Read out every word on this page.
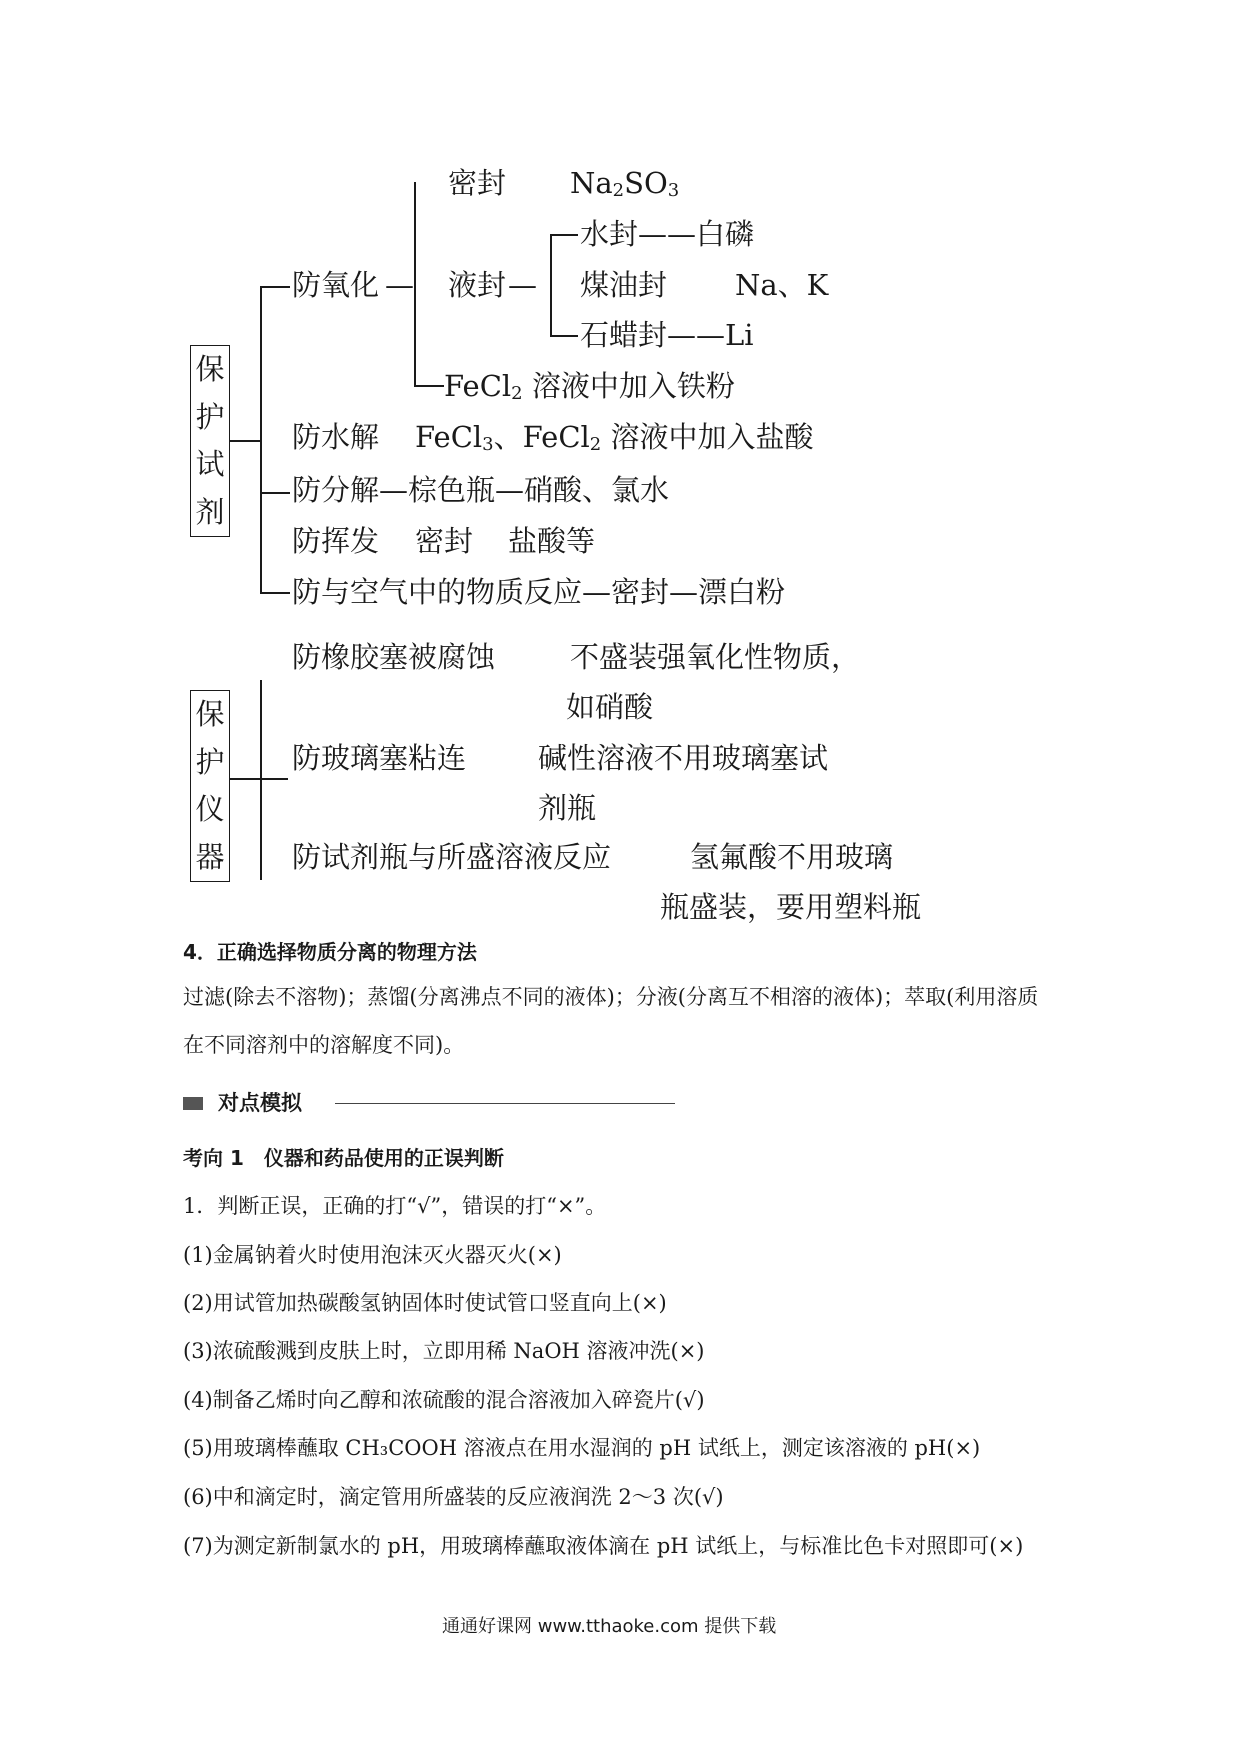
保
护
试
剂
防氧化 —
密封 Na2SO3
液封 —
水封——白磷
煤油封 Na、K
石蜡封——Li
FeCl2 溶液中加入铁粉
防水解 FeCl3、FeCl2 溶液中加入盐酸
防分解—棕色瓶—硝酸、氯水
防挥发 密封 盐酸等
防与空气中的物质反应—密封—漂白粉
保
护
仪
器
防橡胶塞被腐蚀	不盛装强氧化性物质，
如硝酸
防玻璃塞粘连 碱性溶液不用玻璃塞试
剂瓶
防试剂瓶与所盛溶液反应	氢氟酸不用玻璃
瓶盛装，要用塑料瓶
4．正确选择物质分离的物理方法
过滤(除去不溶物)；蒸馏(分离沸点不同的液体)；分液(分离互不相溶的液体)；萃取(利用溶质
在不同溶剂中的溶解度不同)。
对点模拟
考向 1　仪器和药品使用的正误判断
1．判断正误，正确的打“√”，错误的打“×”。
(1)金属钠着火时使用泡沫灭火器灭火(×)
(2)用试管加热碳酸氢钠固体时使试管口竖直向上(×)
(3)浓硫酸溅到皮肤上时，立即用稀 NaOH 溶液冲洗(×)
(4)制备乙烯时向乙醇和浓硫酸的混合溶液加入碎瓷片(√)
(5)用玻璃棒蘸取 CH₃COOH 溶液点在用水湿润的 pH 试纸上，测定该溶液的 pH(×)
(6)中和滴定时，滴定管用所盛装的反应液润洗 2～3 次(√)
(7)为测定新制氯水的 pH，用玻璃棒蘸取液体滴在 pH 试纸上，与标准比色卡对照即可(×)
通通好课网 www.tthaoke.com 提供下载
